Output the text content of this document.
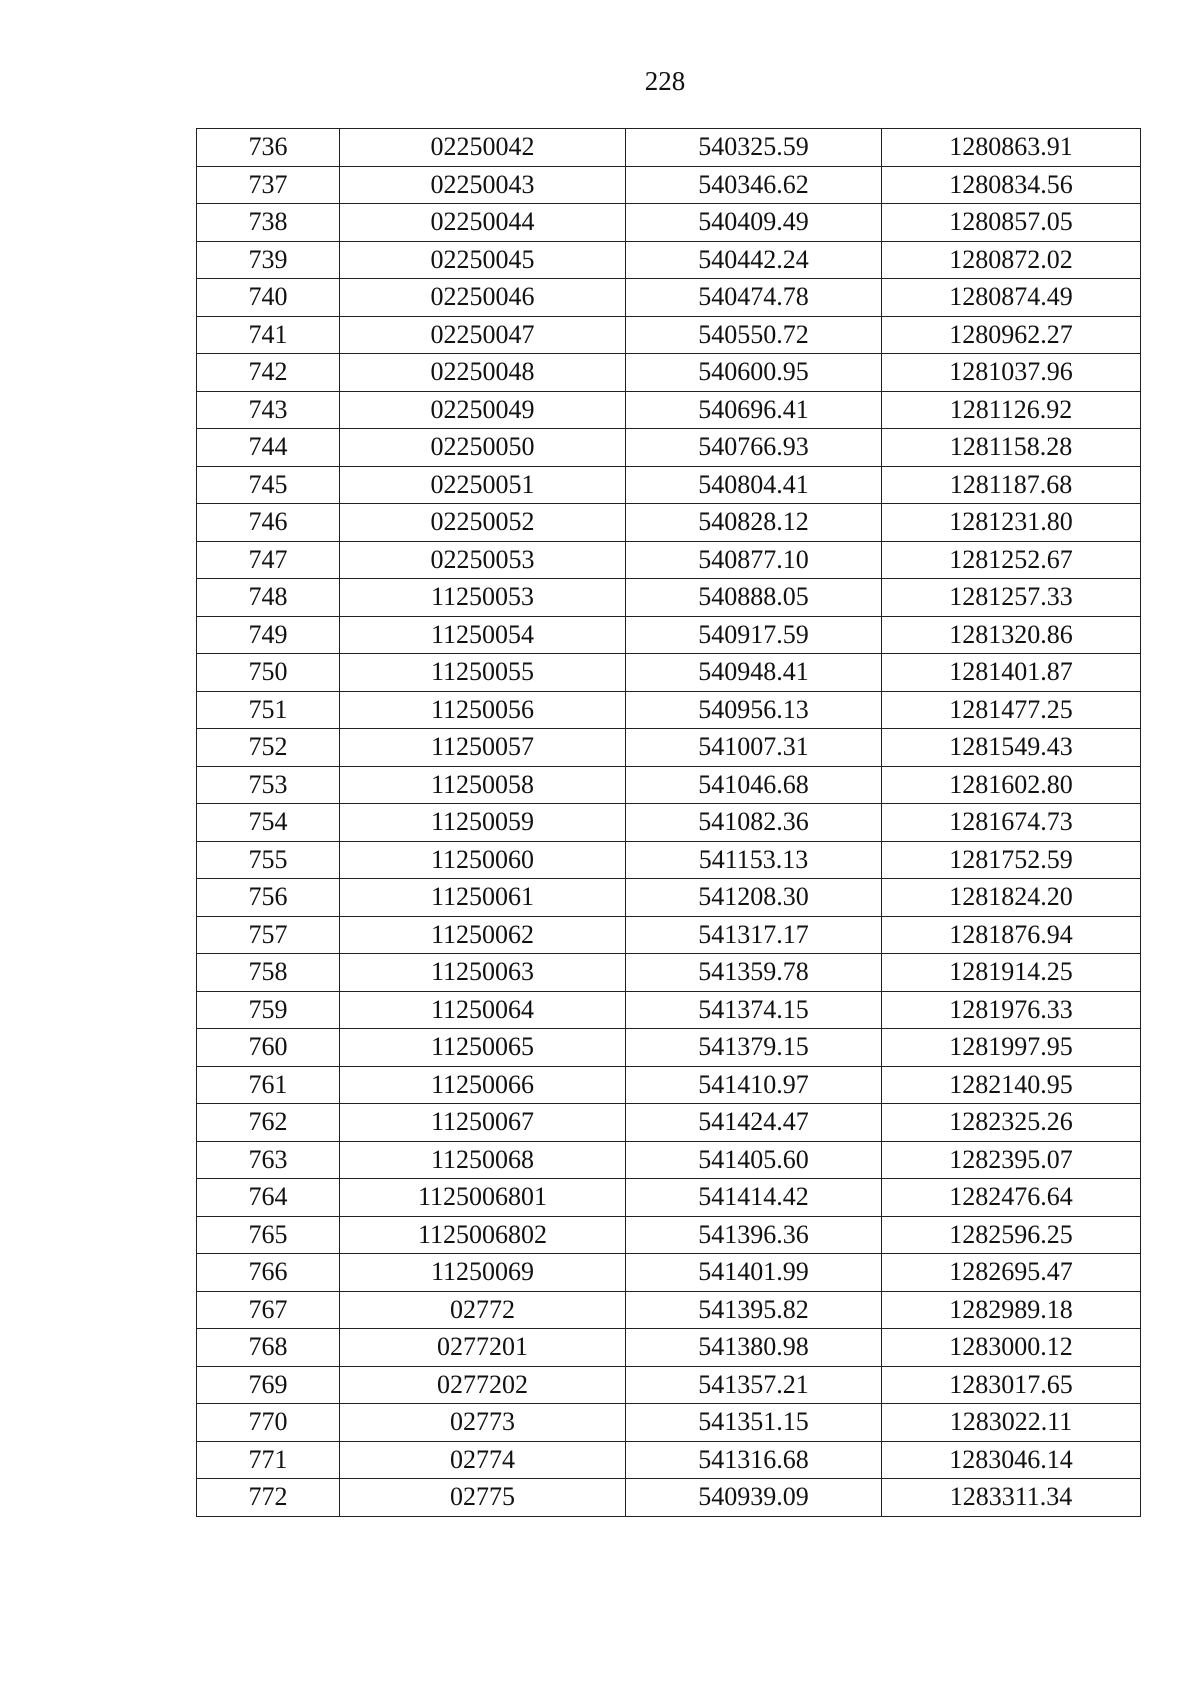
228
736	02250042	540325.59	1280863.91
737	02250043	540346.62	1280834.56
738	02250044	540409.49	1280857.05
739	02250045	540442.24	1280872.02
740	02250046	540474.78	1280874.49
741	02250047	540550.72	1280962.27
742	02250048	540600.95	1281037.96
743	02250049	540696.41	1281126.92
744	02250050	540766.93	1281158.28
745	02250051	540804.41	1281187.68
746	02250052	540828.12	1281231.80
747	02250053	540877.10	1281252.67
748	11250053	540888.05	1281257.33
749	11250054	540917.59	1281320.86
750	11250055	540948.41	1281401.87
751	11250056	540956.13	1281477.25
752	11250057	541007.31	1281549.43
753	11250058	541046.68	1281602.80
754	11250059	541082.36	1281674.73
755	11250060	541153.13	1281752.59
756	11250061	541208.30	1281824.20
757	11250062	541317.17	1281876.94
758	11250063	541359.78	1281914.25
759	11250064	541374.15	1281976.33
760	11250065	541379.15	1281997.95
761	11250066	541410.97	1282140.95
762	11250067	541424.47	1282325.26
763	11250068	541405.60	1282395.07
764	1125006801	541414.42	1282476.64
765	1125006802	541396.36	1282596.25
766	11250069	541401.99	1282695.47
767	02772	541395.82	1282989.18
768	0277201	541380.98	1283000.12
769	0277202	541357.21	1283017.65
770	02773	541351.15	1283022.11
771	02774	541316.68	1283046.14
772	02775	540939.09	1283311.34
